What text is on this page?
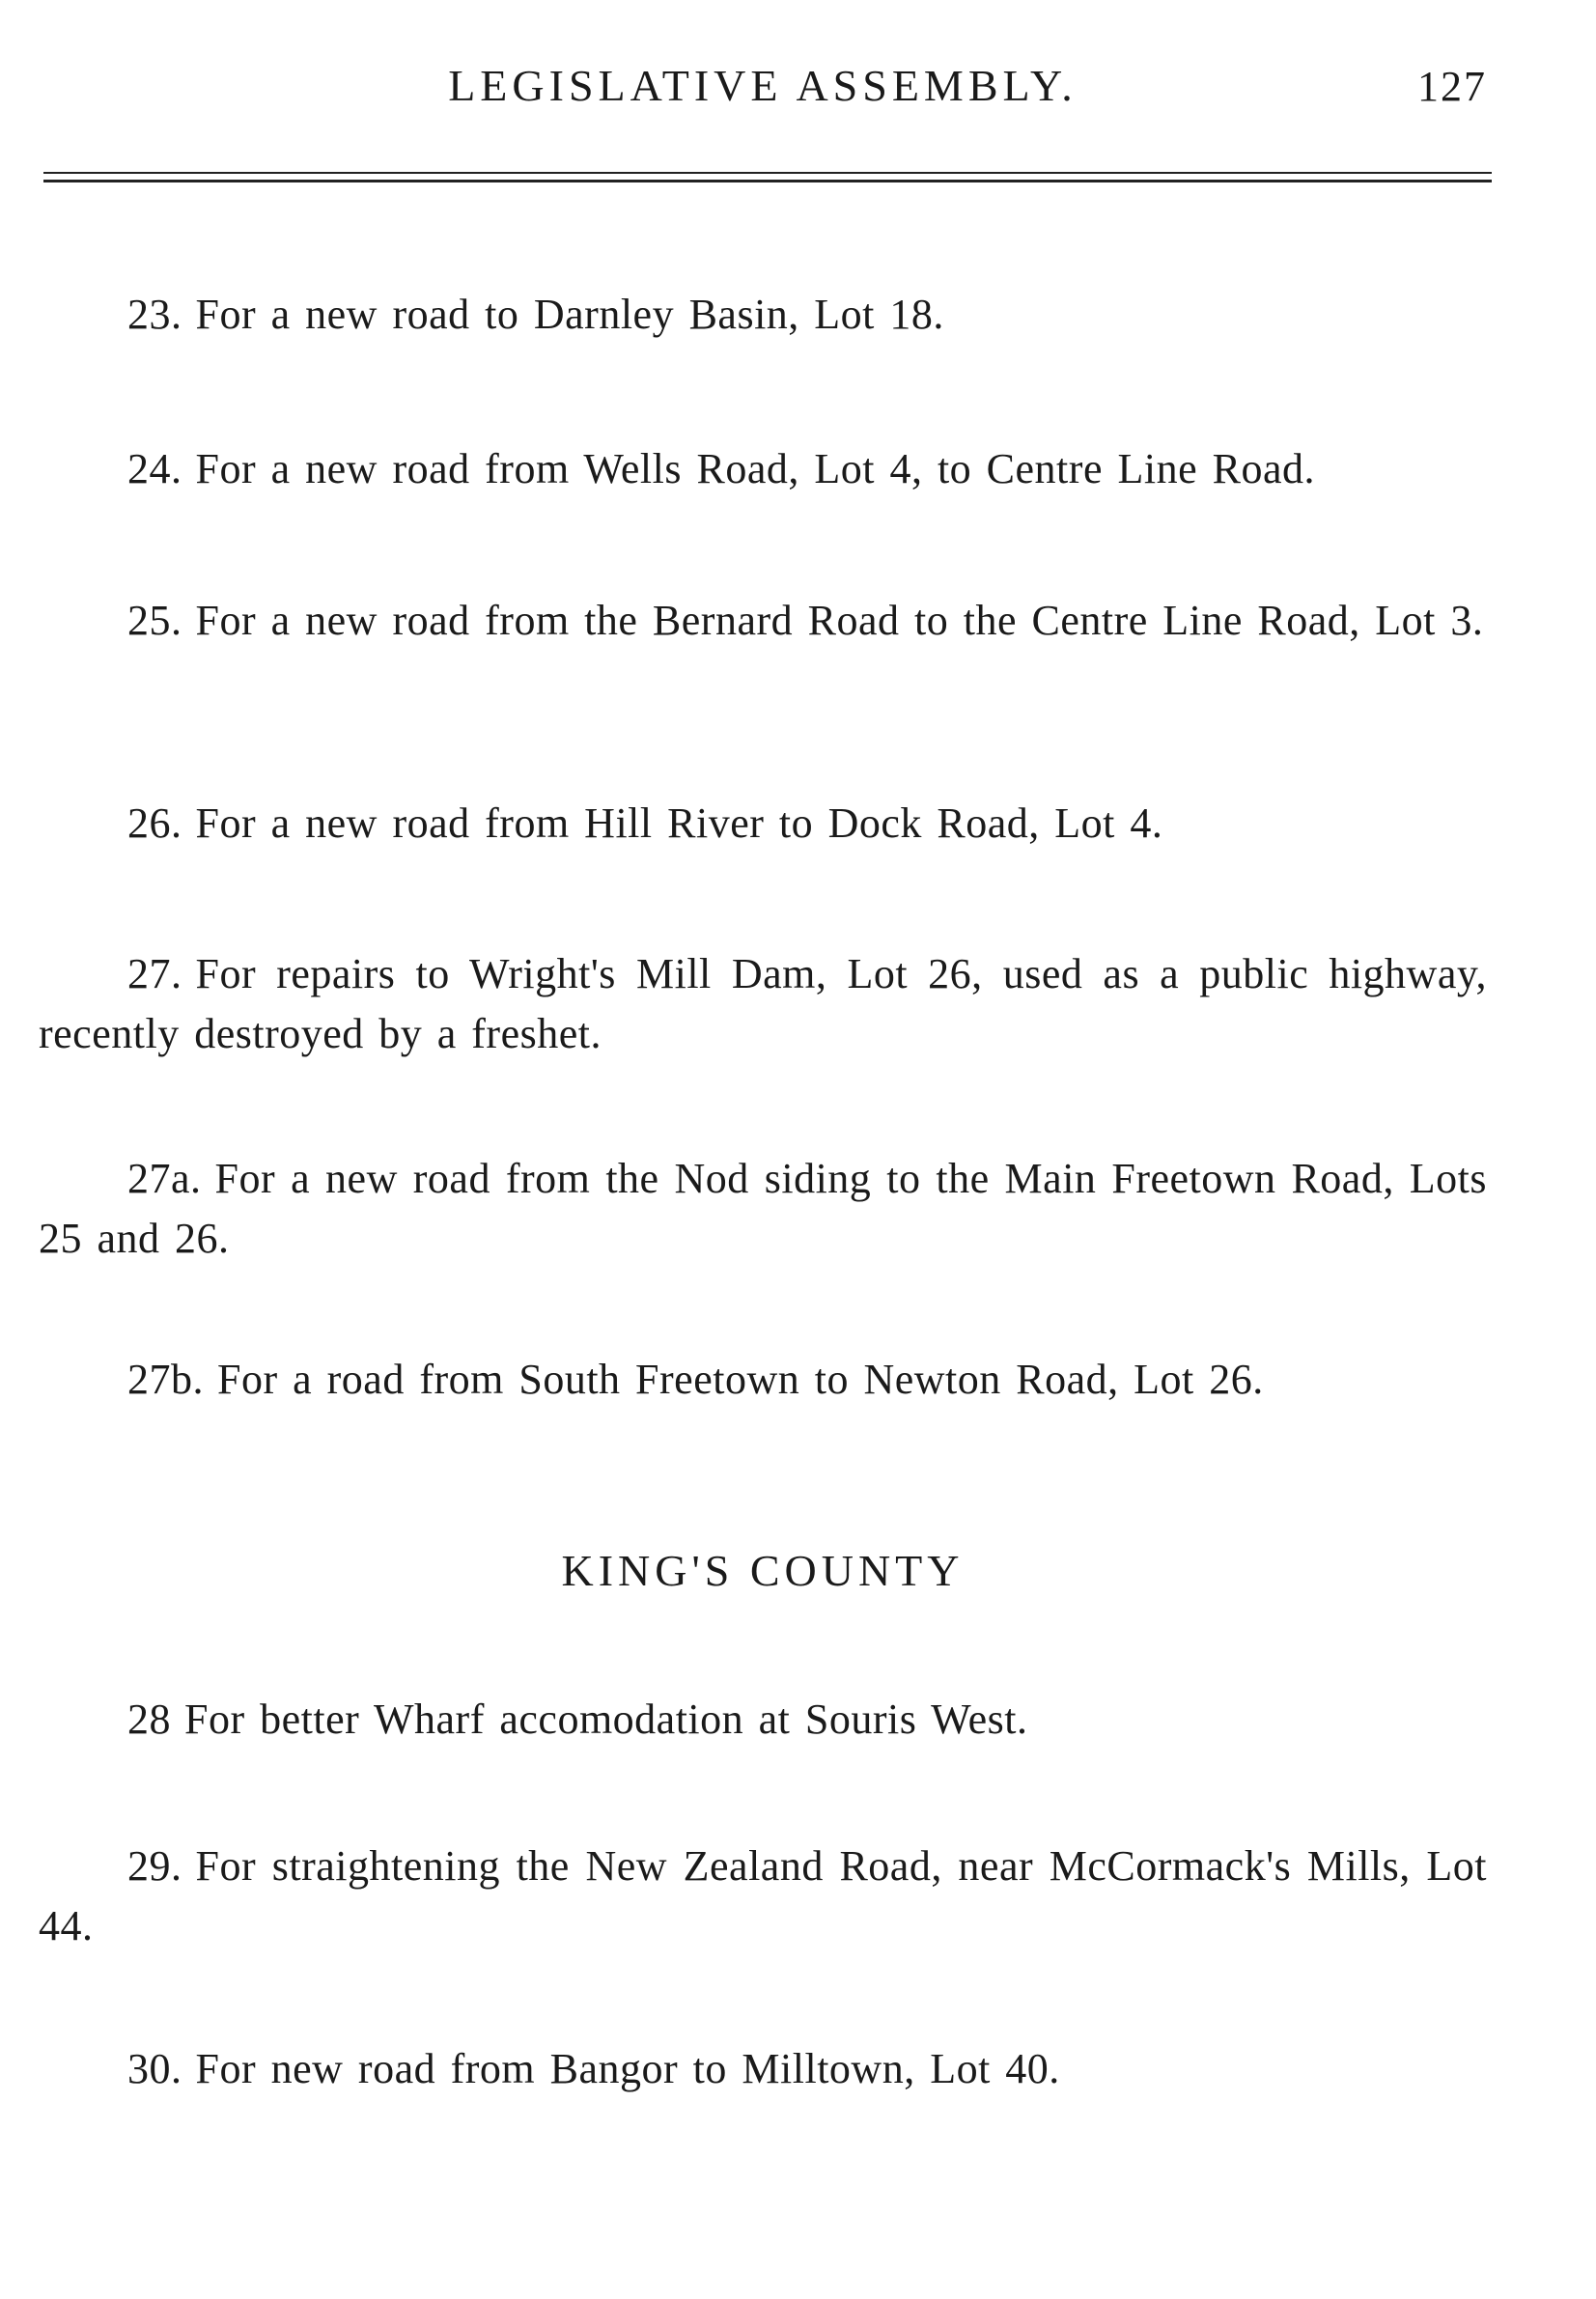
LEGISLATIVE ASSEMBLY.	127

23. For a new road to Darnley Basin, Lot 18.

24. For a new road from Wells Road, Lot 4, to Centre Line Road.

25. For a new road from the Bernard Road to the Centre Line Road, Lot 3.

26. For a new road from Hill River to Dock Road, Lot 4.

27. For repairs to Wright's Mill Dam, Lot 26, used as a public highway, recently destroyed by a freshet.

27a. For a new road from the Nod siding to the Main Freetown Road, Lots 25 and 26.

27b. For a road from South Freetown to Newton Road, Lot 26.

KING'S COUNTY

28 For better Wharf accomodation at Souris West.

29. For straightening the New Zealand Road, near McCormack's Mills, Lot 44.

30. For new road from Bangor to Milltown, Lot 40.
